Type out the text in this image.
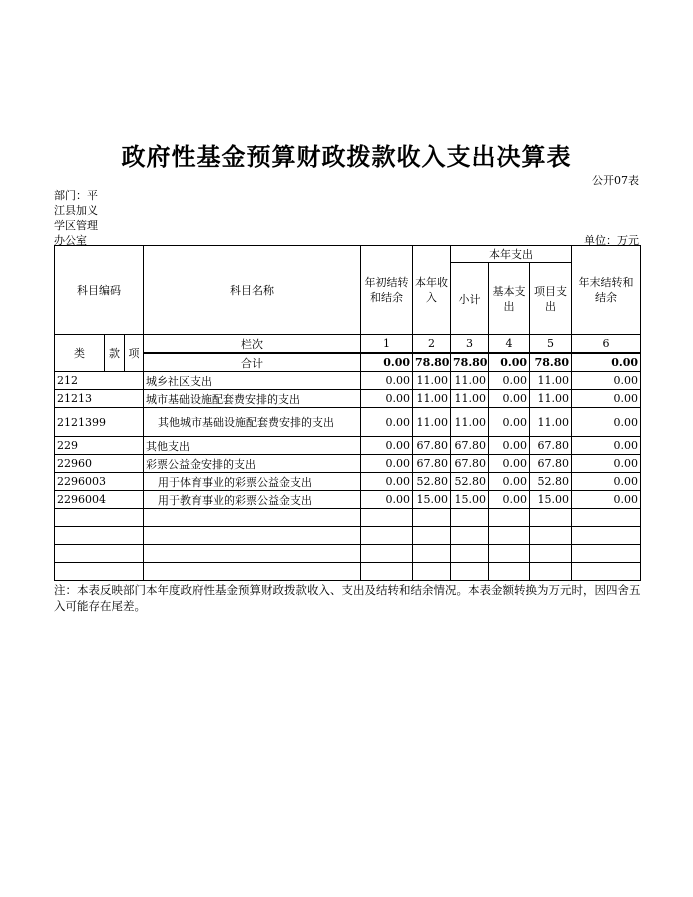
政府性基金预算财政拨款收入支出决算表
公开07表
部门：平
江县加义
学区管理
办公室	单位：万元
科目编码			科目名称	年初结转和结余	本年收入	本年支出			年末结转和结余
						小计	基本支出	项目支出	
类	款	项	栏次	1	2	3	4	5	6
			合计	0.00	78.80	78.80	0.00	78.80	0.00
212			城乡社区支出	0.00	11.00	11.00	0.00	11.00	0.00
21213			城市基础设施配套费安排的支出	0.00	11.00	11.00	0.00	11.00	0.00
2121399			其他城市基础设施配套费安排的支出	0.00	11.00	11.00	0.00	11.00	0.00
229			其他支出	0.00	67.80	67.80	0.00	67.80	0.00
22960			彩票公益金安排的支出	0.00	67.80	67.80	0.00	67.80	0.00
2296003			用于体育事业的彩票公益金支出	0.00	52.80	52.80	0.00	52.80	0.00
2296004			用于教育事业的彩票公益金支出	0.00	15.00	15.00	0.00	15.00	0.00

注：本表反映部门本年度政府性基金预算财政拨款收入、支出及结转和结余情况。本表金额转换为万元时，因四舍五入可能存在尾差。
